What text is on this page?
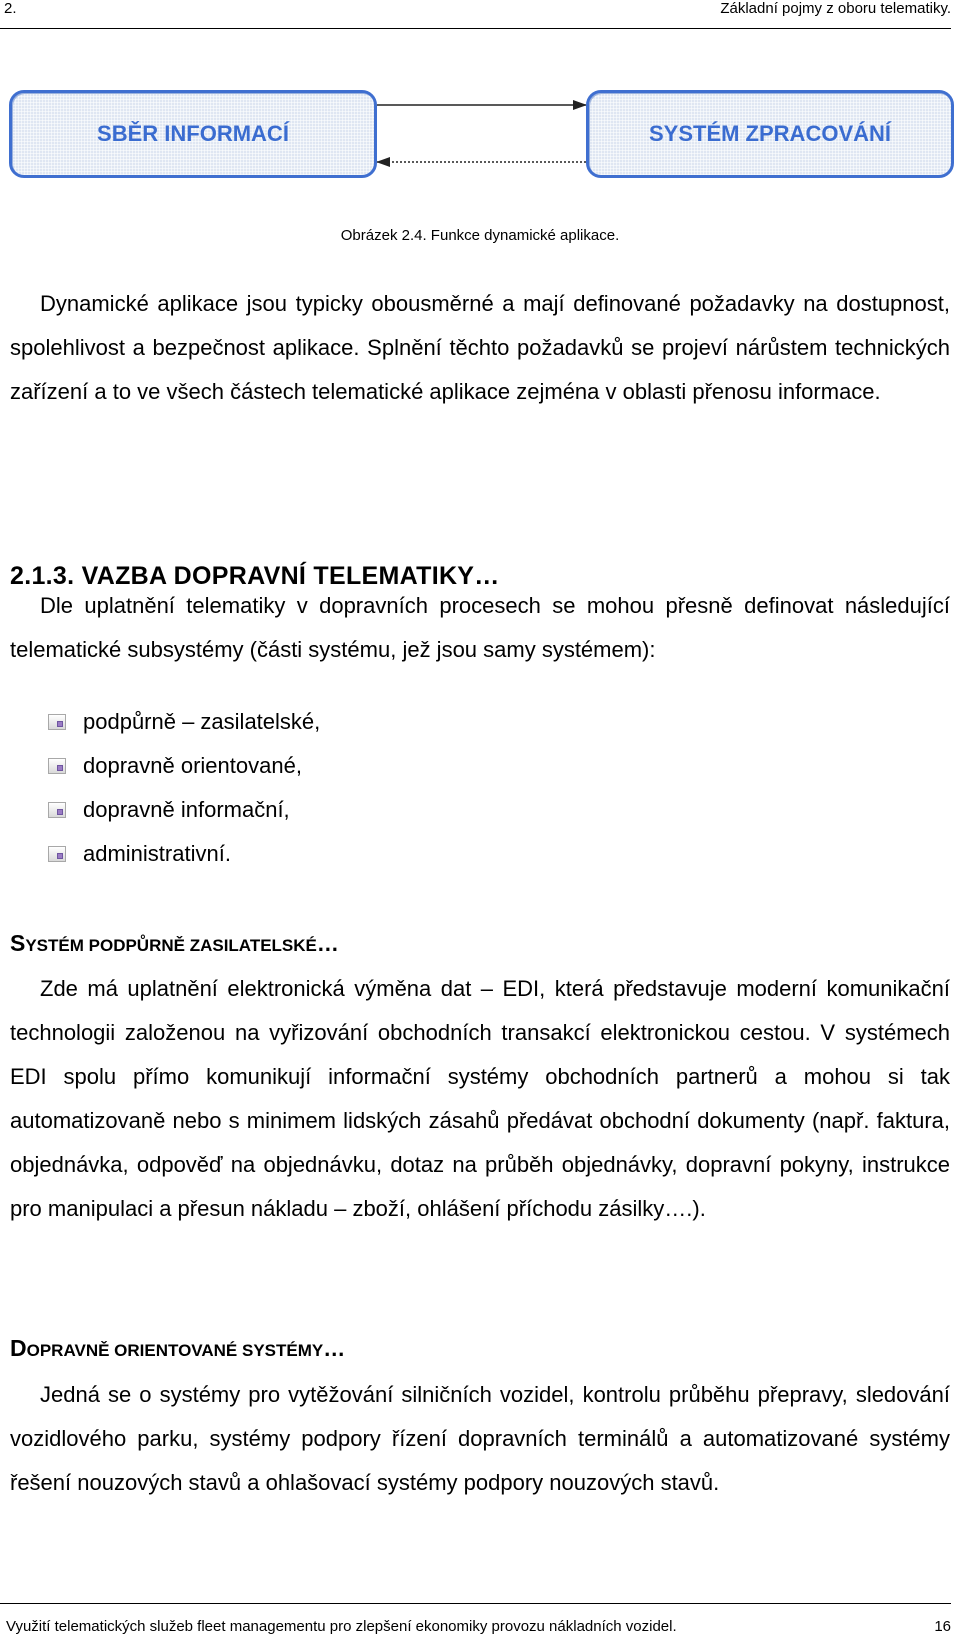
2.	Základní pojmy z oboru telematiky.
SBĚR INFORMACÍ	SYSTÉM ZPRACOVÁNÍ
Obrázek 2.4. Funkce dynamické aplikace.

Dynamické aplikace jsou typicky obousměrné a mají definované požadavky na dostupnost, spolehlivost a bezpečnost aplikace. Splnění těchto požadavků se projeví nárůstem technických zařízení a to ve všech částech telematické aplikace zejména v oblasti přenosu informace.

2.1.3. VAZBA DOPRAVNÍ TELEMATIKY…

Dle uplatnění telematiky v dopravních procesech se mohou přesně definovat následující telematické subsystémy (části systému, jež jsou samy systémem):

podpůrně – zasilatelské,
dopravně orientované,
dopravně informační,
administrativní.
SYSTÉM PODPŮRNĚ ZASILATELSKÉ…

Zde má uplatnění elektronická výměna dat – EDI, která představuje moderní komunikační technologii založenou na vyřizování obchodních transakcí elektronickou cestou. V systémech EDI spolu přímo komunikují informační systémy obchodních partnerů a mohou si tak automatizovaně nebo s minimem lidských zásahů předávat obchodní dokumenty (např. faktura, objednávka, odpověď na objednávku, dotaz na průběh objednávky, dopravní pokyny, instrukce pro manipulaci a přesun nákladu – zboží, ohlášení příchodu zásilky….).

DOPRAVNĚ ORIENTOVANÉ SYSTÉMY…

Jedná se o systémy pro vytěžování silničních vozidel, kontrolu průběhu přepravy, sledování vozidlového parku, systémy podpory řízení dopravních terminálů a automatizované systémy řešení nouzových stavů a ohlašovací systémy podpory nouzových stavů.

Využití telematických služeb fleet managementu pro zlepšení ekonomiky provozu nákladních vozidel.	16
